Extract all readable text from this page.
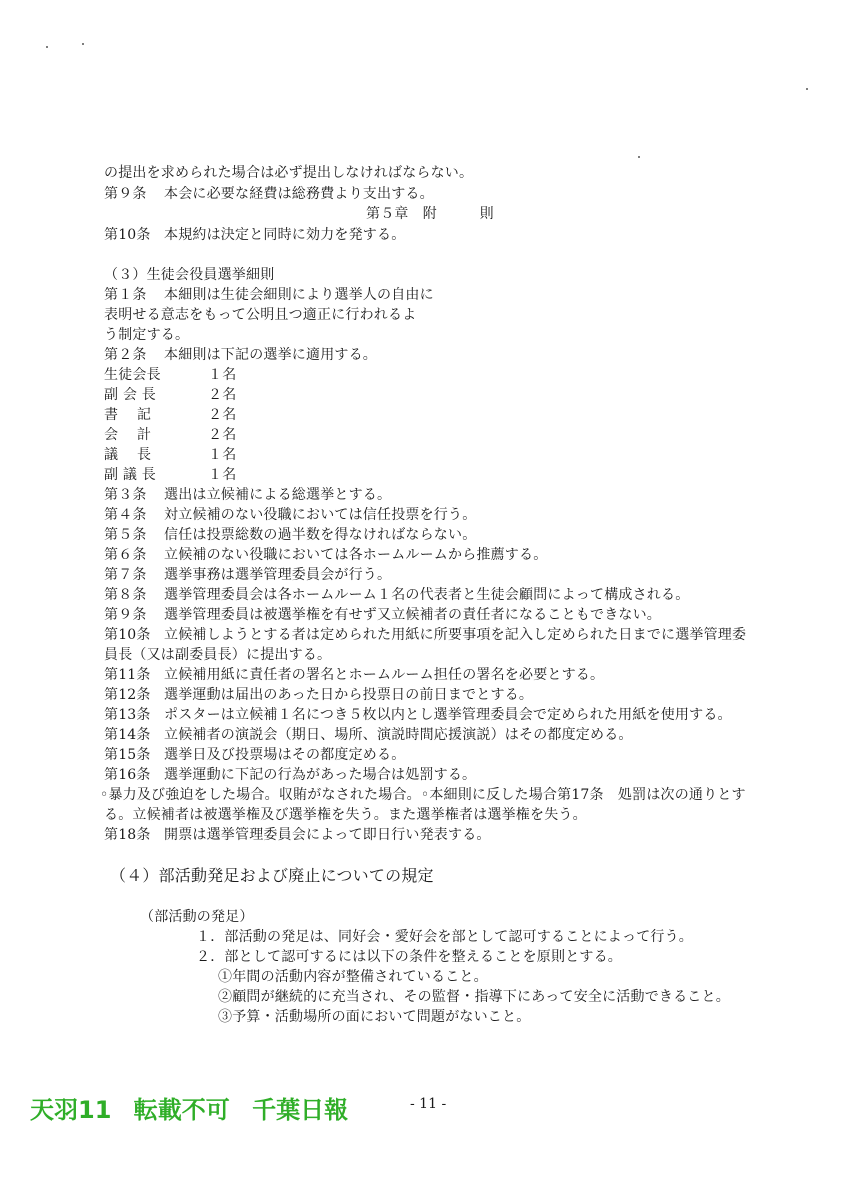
の提出を求められた場合は必ず提出しなければならない。
第９条 本会に必要な経費は総務費より支出する。
第５章　附　　　則
第10条 本規約は決定と同時に効力を発する。
（３）生徒会役員選挙細則
第１条 本細則は生徒会細則により選挙人の自由に
表明せる意志をもって公明且つ適正に行われるよ
う制定する。
第２条 本細則は下記の選挙に適用する。
生徒会長	１名
副 会 長	２名
書　 記	２名
会　 計	２名
議　 長	１名
副 議 長	１名
第３条 選出は立候補による総選挙とする。
第４条 対立候補のない役職においては信任投票を行う。
第５条 信任は投票総数の過半数を得なければならない。
第６条 立候補のない役職においては各ホームルームから推薦する。
第７条 選挙事務は選挙管理委員会が行う。
第８条 選挙管理委員会は各ホームルーム１名の代表者と生徒会顧問によって構成される。
第９条 選挙管理委員は被選挙権を有せず又立候補者の責任者になることもできない。
第10条 立候補しようとする者は定められた用紙に所要事項を記入し定められた日までに選挙管理委
員長（又は副委員長）に提出する。
第11条 立候補用紙に責任者の署名とホームルーム担任の署名を必要とする。
第12条 選挙運動は届出のあった日から投票日の前日までとする。
第13条 ポスターは立候補１名につき５枚以内とし選挙管理委員会で定められた用紙を使用する。
第14条 立候補者の演説会（期日、場所、演説時間応援演説）はその都度定める。
第15条 選挙日及び投票場はその都度定める。
第16条 選挙運動に下記の行為があった場合は処罰する。
◦暴力及び強迫をした場合。収賄がなされた場合。◦本細則に反した場合第17条　処罰は次の通りとす
る。立候補者は被選挙権及び選挙権を失う。また選挙権者は選挙権を失う。
第18条 開票は選挙管理委員会によって即日行い発表する。
（４）部活動発足および廃止についての規定
（部活動の発足）
１．部活動の発足は、同好会・愛好会を部として認可することによって行う。
２．部として認可するには以下の条件を整えることを原則とする。
①年間の活動内容が整備されていること。
②顧問が継続的に充当され、その監督・指導下にあって安全に活動できること。
③予算・活動場所の面において問題がないこと。
天羽11 転載不可 千葉日報	- 11 -
